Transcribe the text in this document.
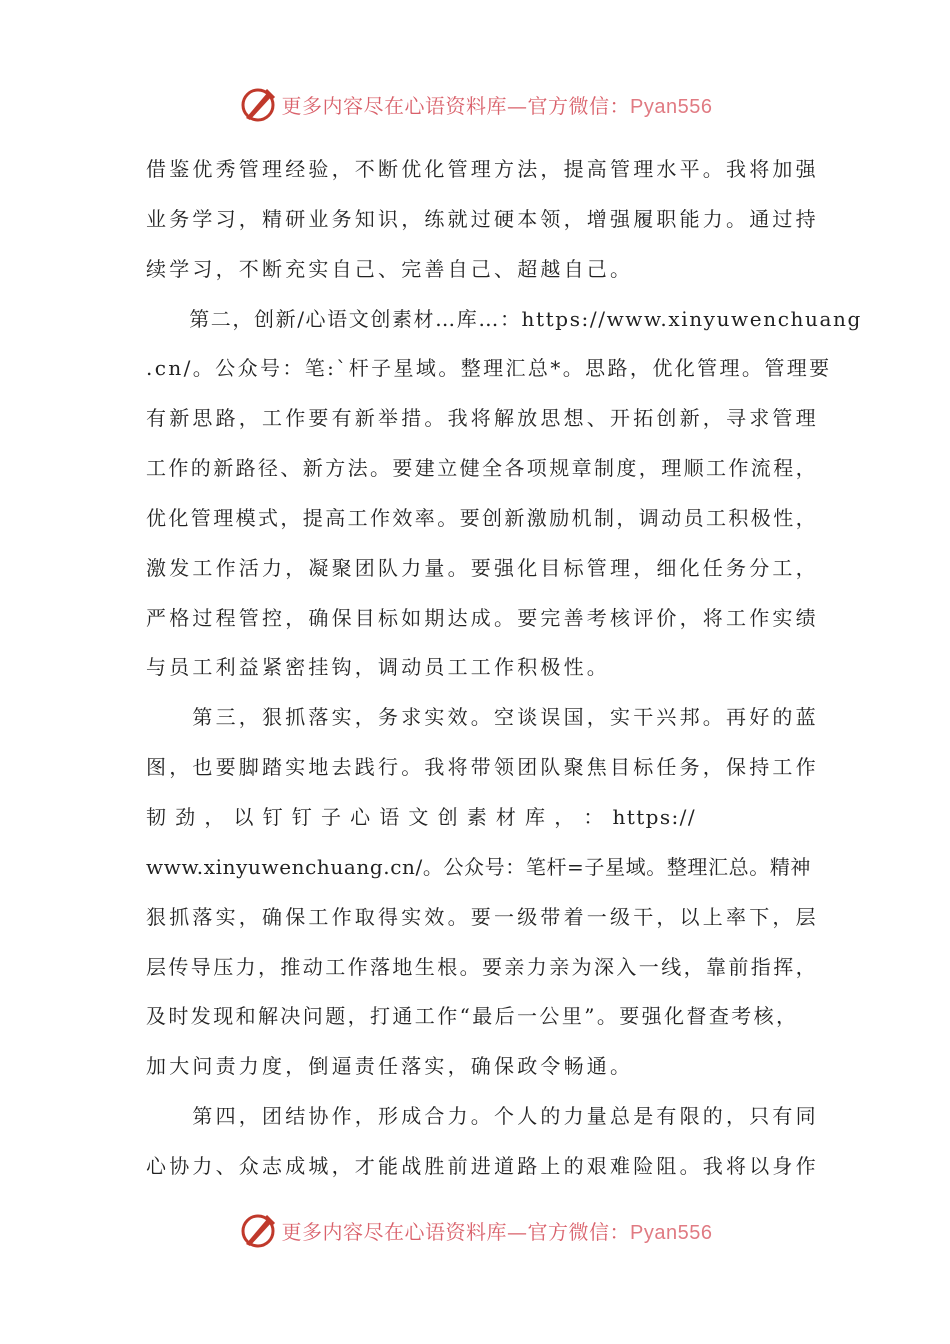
更多内容尽在心语资料库—官方微信：Pyan556
借鉴优秀管理经验，不断优化管理方法，提高管理水平。我将加强
业务学习，精研业务知识，练就过硬本领，增强履职能力。通过持
续学习，不断充实自己、完善自己、超越自己。
　　第二，创新/心语文创素材…库…：https://www.xinyuwenchuang
.cn/。公众号：笔:`杆子星域。整理汇总*。思路，优化管理。管理要
有新思路，工作要有新举措。我将解放思想、开拓创新，寻求管理
工作的新路径、新方法。要建立健全各项规章制度，理顺工作流程，
优化管理模式，提高工作效率。要创新激励机制，调动员工积极性，
激发工作活力，凝聚团队力量。要强化目标管理，细化任务分工，
严格过程管控，确保目标如期达成。要完善考核评价，将工作实绩
与员工利益紧密挂钩，调动员工工作积极性。
　　第三，狠抓落实，务求实效。空谈误国，实干兴邦。再好的蓝
图，也要脚踏实地去践行。我将带领团队聚焦目标任务，保持工作
韧 劲 ， 以 钉 钉 子 心 语 文 创 素 材 库 ， ： https://
www.xinyuwenchuang.cn/。公众号：笔杆=子星域。整理汇总。精神
狠抓落实，确保工作取得实效。要一级带着一级干，以上率下，层
层传导压力，推动工作落地生根。要亲力亲为深入一线，靠前指挥，
及时发现和解决问题，打通工作“最后一公里”。要强化督查考核，
加大问责力度，倒逼责任落实，确保政令畅通。
　　第四，团结协作，形成合力。个人的力量总是有限的，只有同
心协力、众志成城，才能战胜前进道路上的艰难险阻。我将以身作
更多内容尽在心语资料库—官方微信：Pyan556
